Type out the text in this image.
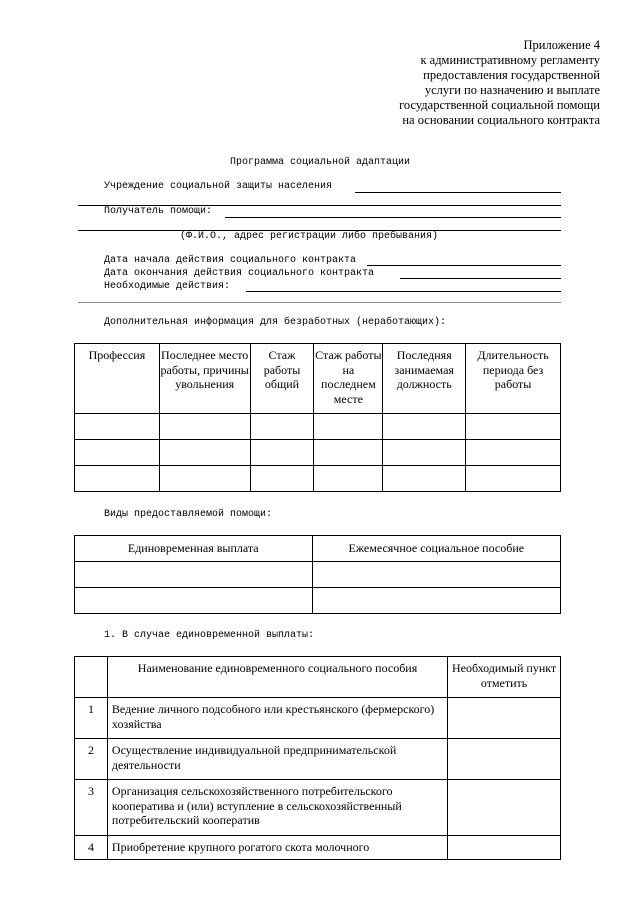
Приложение 4
к административному регламенту
предоставления государственной
услуги по назначению и выплате
государственной социальной помощи
на основании социального контракта
Программа социальной адаптации
Учреждение социальной защиты населения
Получатель помощи:
(Ф.И.О., адрес регистрации либо пребывания)
Дата начала действия социального контракта
Дата окончания действия социального контракта
Необходимые действия:
Дополнительная информация для безработных (неработающих):
Профессия	Последнее место работы, причины увольнения	Стаж работы общий	Стаж работы на последнем месте	Последняя занимаемая должность	Длительность периода без работы

Виды предоставляемой помощи:
Единовременная выплата	Ежемесячное социальное пособие

1. В случае единовременной выплаты:
	Наименование единовременного социального пособия	Необходимый пункт отметить
1	Ведение личного подсобного или крестьянского (фермерского) хозяйства	
2	Осуществление индивидуальной предпринимательской деятельности	
3	Организация сельскохозяйственного потребительского кооператива и (или) вступление в сельскохозяйственный потребительский кооператив	
4	Приобретение крупного рогатого скота молочного	
